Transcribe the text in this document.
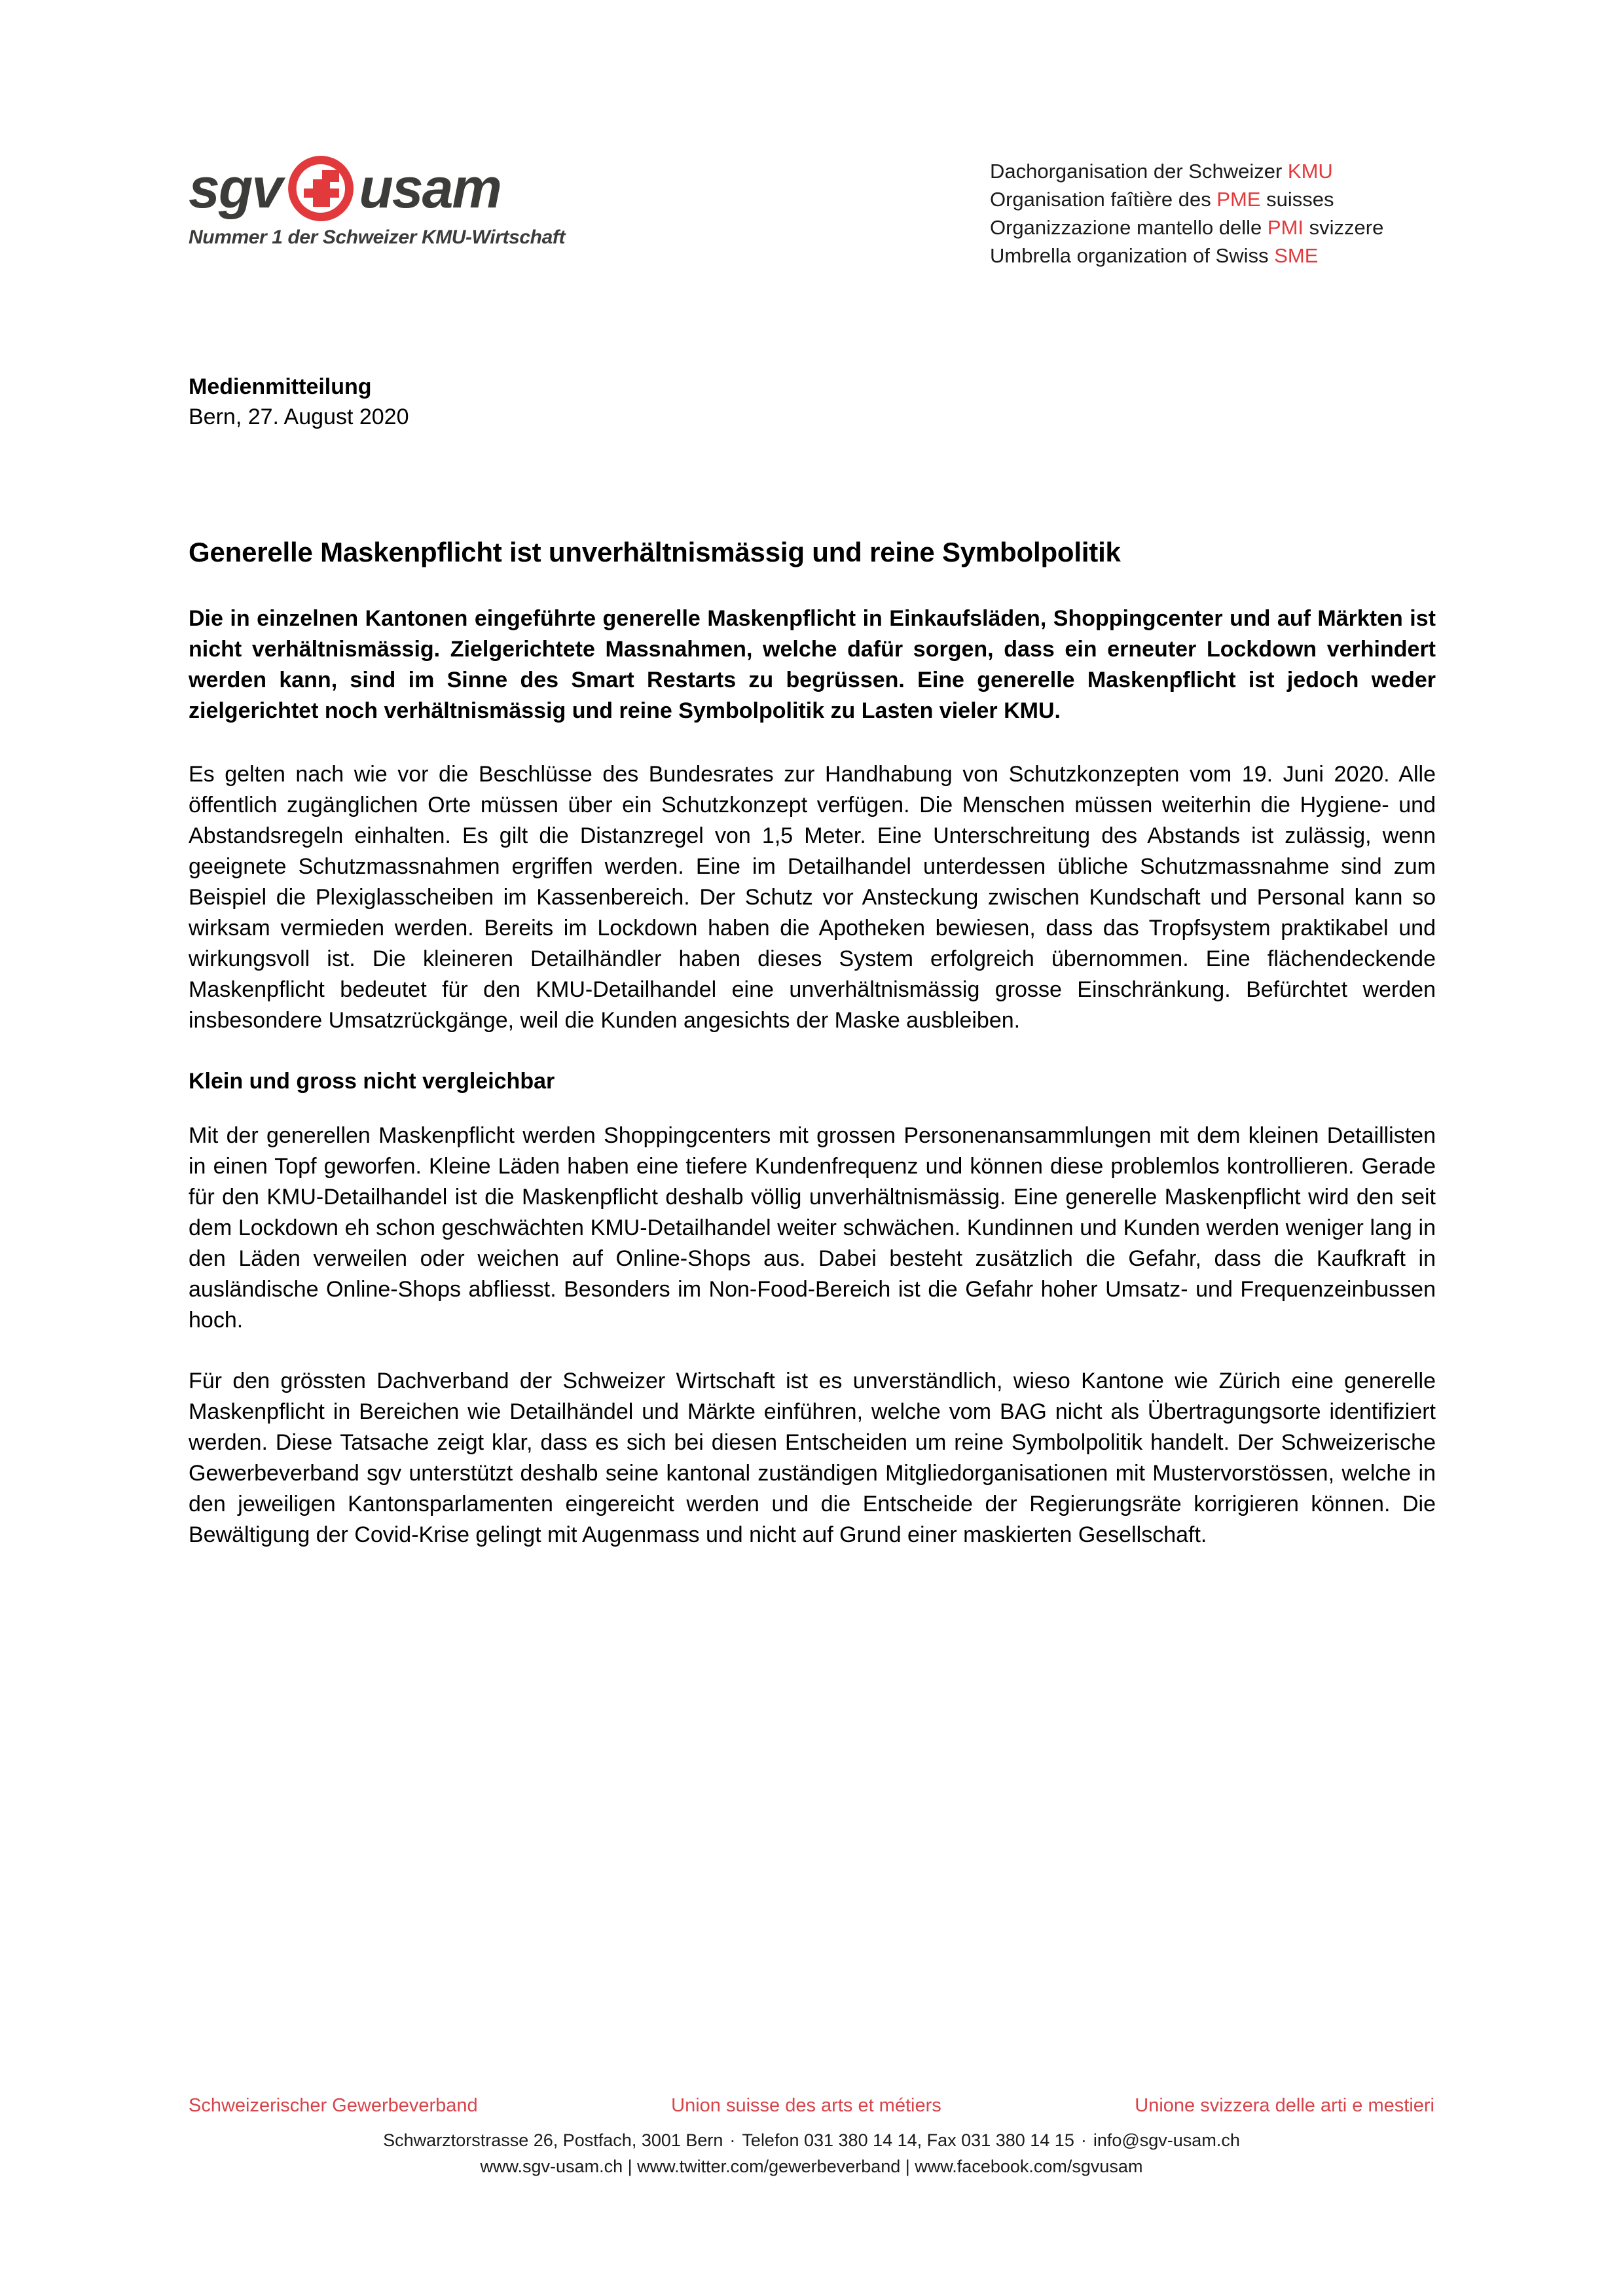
sgv usam
Nummer 1 der Schweizer KMU-Wirtschaft
Dachorganisation der Schweizer KMU
Organisation faîtière des PME suisses
Organizzazione mantello delle PMI svizzere
Umbrella organization of Swiss SME
Medienmitteilung
Bern, 27. August 2020
Generelle Maskenpflicht ist unverhältnismässig und reine Symbolpolitik

Die in einzelnen Kantonen eingeführte generelle Maskenpflicht in Einkaufsläden, Shoppingcenter und auf Märkten ist nicht verhältnismässig. Zielgerichtete Massnahmen, welche dafür sorgen, dass ein erneuter Lockdown verhindert werden kann, sind im Sinne des Smart Restarts zu begrüssen. Eine generelle Maskenpflicht ist jedoch weder zielgerichtet noch verhältnismässig und reine Symbolpolitik zu Lasten vieler KMU.

Es gelten nach wie vor die Beschlüsse des Bundesrates zur Handhabung von Schutzkonzepten vom 19. Juni 2020. Alle öffentlich zugänglichen Orte müssen über ein Schutzkonzept verfügen. Die Menschen müssen weiterhin die Hygiene- und Abstandsregeln einhalten. Es gilt die Distanzregel von 1,5 Meter. Eine Unterschreitung des Abstands ist zulässig, wenn geeignete Schutzmassnahmen ergriffen werden. Eine im Detailhandel unterdessen übliche Schutzmassnahme sind zum Beispiel die Plexiglasscheiben im Kassenbereich. Der Schutz vor Ansteckung zwischen Kundschaft und Personal kann so wirksam vermieden werden. Bereits im Lockdown haben die Apotheken bewiesen, dass das Tropfsystem praktikabel und wirkungsvoll ist. Die kleineren Detailhändler haben dieses System erfolgreich übernommen. Eine flächendeckende Maskenpflicht bedeutet für den KMU-Detailhandel eine unverhältnismässig grosse Einschränkung. Befürchtet werden insbesondere Umsatzrückgänge, weil die Kunden angesichts der Maske ausbleiben.

Klein und gross nicht vergleichbar

Mit der generellen Maskenpflicht werden Shoppingcenters mit grossen Personenansammlungen mit dem kleinen Detaillisten in einen Topf geworfen. Kleine Läden haben eine tiefere Kundenfrequenz und können diese problemlos kontrollieren. Gerade für den KMU-Detailhandel ist die Maskenpflicht deshalb völlig unverhältnismässig. Eine generelle Maskenpflicht wird den seit dem Lockdown eh schon geschwächten KMU-Detailhandel weiter schwächen. Kundinnen und Kunden werden weniger lang in den Läden verweilen oder weichen auf Online-Shops aus. Dabei besteht zusätzlich die Gefahr, dass die Kaufkraft in ausländische Online-Shops abfliesst. Besonders im Non-Food-Bereich ist die Gefahr hoher Umsatz- und Frequenzeinbussen hoch.

Für den grössten Dachverband der Schweizer Wirtschaft ist es unverständlich, wieso Kantone wie Zürich eine generelle Maskenpflicht in Bereichen wie Detailhändel und Märkte einführen, welche vom BAG nicht als Übertragungsorte identifiziert werden. Diese Tatsache zeigt klar, dass es sich bei diesen Entscheiden um reine Symbolpolitik handelt. Der Schweizerische Gewerbeverband sgv unterstützt deshalb seine kantonal zuständigen Mitgliedorganisationen mit Mustervorstössen, welche in den jeweiligen Kantonsparlamenten eingereicht werden und die Entscheide der Regierungsräte korrigieren können. Die Bewältigung der Covid-Krise gelingt mit Augenmass und nicht auf Grund einer maskierten Gesellschaft.

Schweizerischer Gewerbeverband	Union suisse des arts et métiers	Unione svizzera delle arti e mestieri
Schwarztorstrasse 26, Postfach, 3001 Bern · Telefon 031 380 14 14, Fax 031 380 14 15 · info@sgv-usam.ch
www.sgv-usam.ch | www.twitter.com/gewerbeverband | www.facebook.com/sgvusam
